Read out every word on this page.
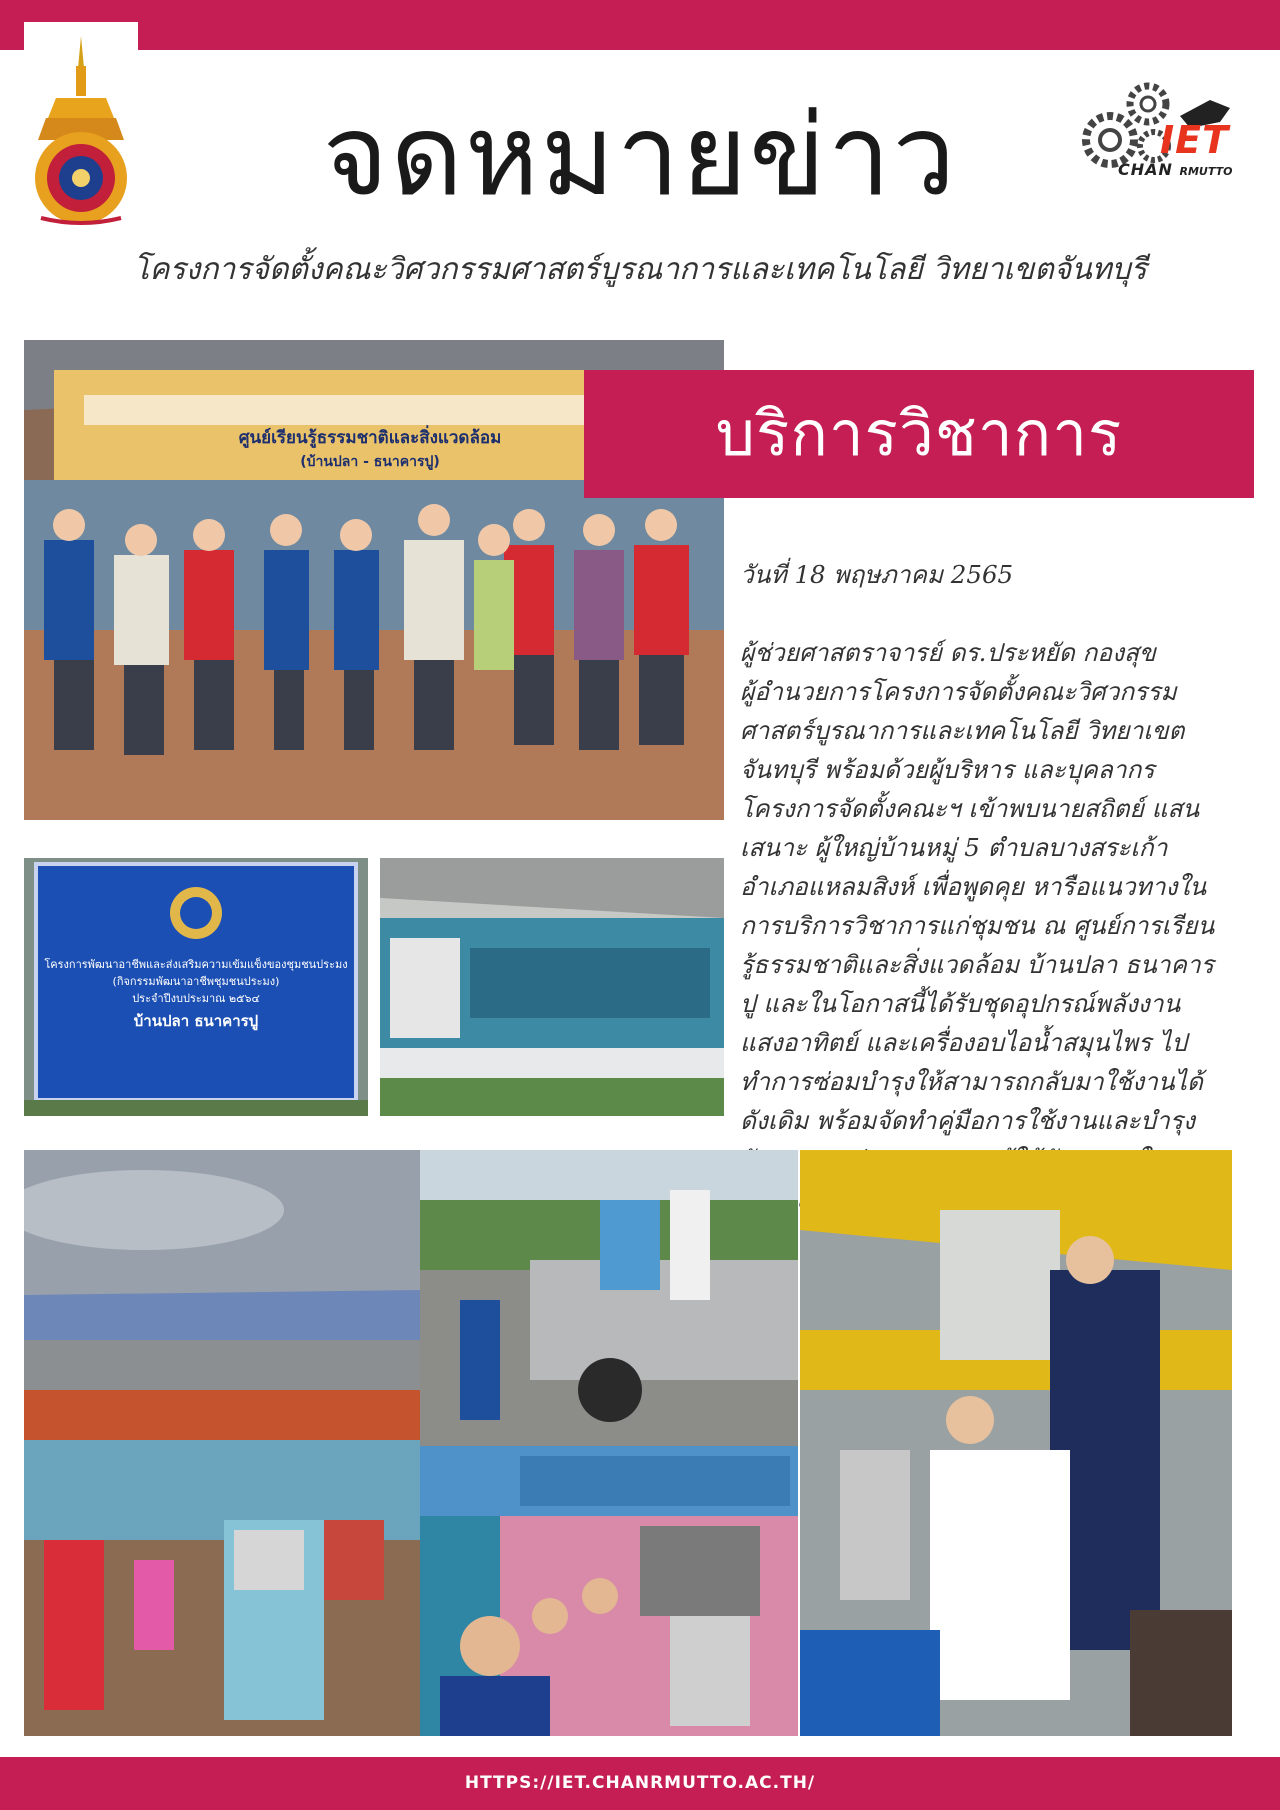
IET
CHAN RMUTTO
จดหมายข่าว
โครงการจัดตั้งคณะวิศวกรรมศาสตร์บูรณาการและเทคโนโลยี วิทยาเขตจันทบุรี
ศูนย์เรียนรู้ธรรมชาติและสิ่งแวดล้อม
(บ้านปลา - ธนาคารปู)	บริการวิชาการ

วันที่ 18 พฤษภาคม 2565

ผู้ช่วยศาสตราจารย์ ดร.ประหยัด กองสุข
ผู้อำนวยการโครงการจัดตั้งคณะวิศวกรรม
ศาสตร์บูรณาการและเทคโนโลยี วิทยาเขต
จันทบุรี พร้อมด้วยผู้บริหาร และบุคลากร
โครงการจัดตั้งคณะฯ เข้าพบนายสถิตย์ แสน
เสนาะ ผู้ใหญ่บ้านหมู่ 5 ตำบลบางสระเก้า
อำเภอแหลมสิงห์ เพื่อพูดคุย หารือแนวทางใน
การบริการวิชาการแก่ชุมชน ณ ศูนย์การเรียน
รู้ธรรมชาติและสิ่งแวดล้อม บ้านปลา ธนาคาร
ปู และในโอกาสนี้ได้รับชุดอุปกรณ์พลังงาน
แสงอาทิตย์ และเครื่องอบไอน้ำสมุนไพร ไป
ทำการซ่อมบำรุงให้สามารถกลับมาใช้งานได้
ดังเดิม พร้อมจัดทำคู่มือการใช้งานและบำรุง

โครงการพัฒนาอาชีพและส่งเสริมความเข้มแข็งของชุมชนประมง
(กิจกรรมพัฒนาอาชีพชุมชนประมง)
ประจำปีงบประมาณ ๒๕๖๔
บ้านปลา ธนาคารปู
HTTPS://IET.CHANRMUTTO.AC.TH/
